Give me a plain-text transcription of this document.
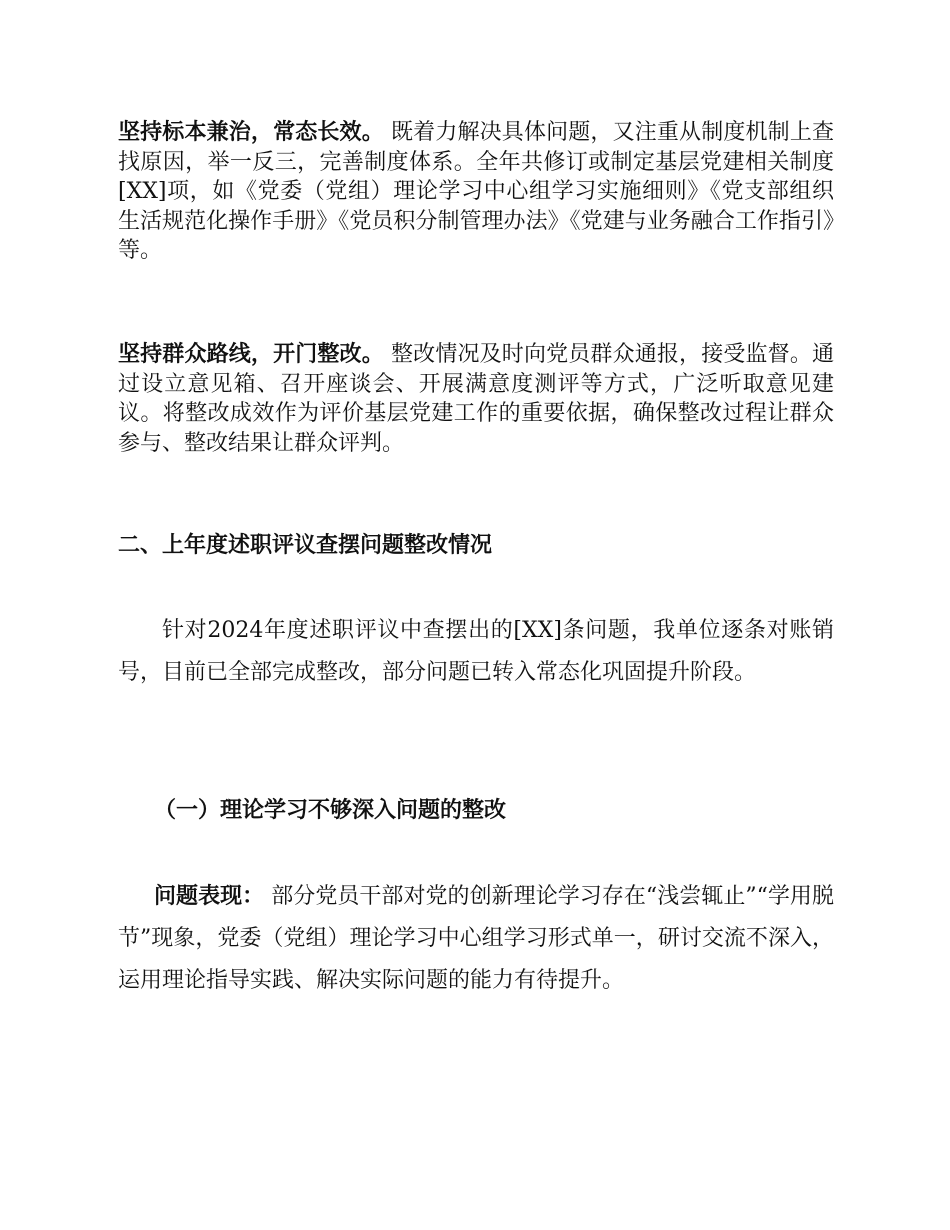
坚持标本兼治，常态长效。 既着力解决具体问题，又注重从制度机制上查找原因，举一反三，完善制度体系。全年共修订或制定基层党建相关制度[XX]项，如《党委（党组）理论学习中心组学习实施细则》《党支部组织生活规范化操作手册》《党员积分制管理办法》《党建与业务融合工作指引》等。

坚持群众路线，开门整改。 整改情况及时向党员群众通报，接受监督。通过设立意见箱、召开座谈会、开展满意度测评等方式，广泛听取意见建议。将整改成效作为评价基层党建工作的重要依据，确保整改过程让群众参与、整改结果让群众评判。

二、上年度述职评议查摆问题整改情况

针对2024年度述职评议中查摆出的[XX]条问题，我单位逐条对账销号，目前已全部完成整改，部分问题已转入常态化巩固提升阶段。

（一）理论学习不够深入问题的整改

问题表现： 部分党员干部对党的创新理论学习存在“浅尝辄止”“学用脱节”现象，党委（党组）理论学习中心组学习形式单一，研讨交流不深入，运用理论指导实践、解决实际问题的能力有待提升。
